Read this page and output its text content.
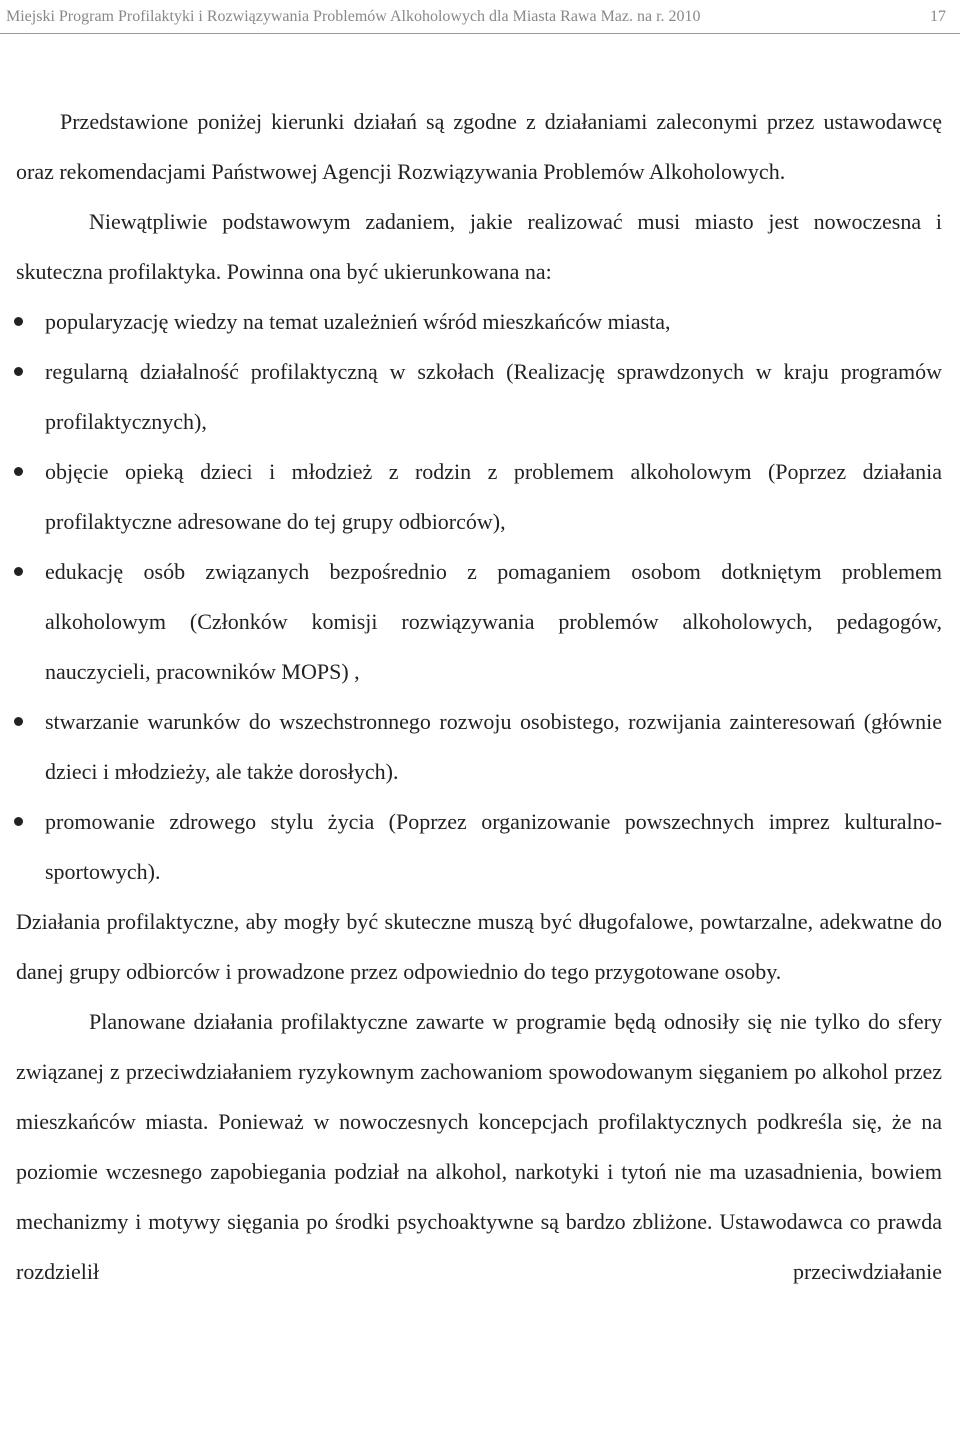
Miejski Program Profilaktyki i Rozwiązywania Problemów Alkoholowych dla Miasta Rawa Maz. na r. 2010	17

Przedstawione poniżej kierunki działań są zgodne z działaniami zaleconymi przez ustawodawcę oraz rekomendacjami Państwowej Agencji Rozwiązywania Problemów Alkoholowych.

Niewątpliwie podstawowym zadaniem, jakie realizować musi miasto jest nowoczesna i skuteczna profilaktyka. Powinna ona być ukierunkowana na:

popularyzację wiedzy na temat uzależnień wśród mieszkańców miasta,
regularną działalność profilaktyczną w szkołach (Realizację sprawdzonych w kraju programów profilaktycznych),
objęcie opieką dzieci i młodzież z rodzin z problemem alkoholowym (Poprzez działania profilaktyczne adresowane do tej grupy odbiorców),
edukację osób związanych bezpośrednio z pomaganiem osobom dotkniętym problemem alkoholowym (Członków komisji rozwiązywania problemów alkoholowych, pedagogów, nauczycieli, pracowników MOPS) ,
stwarzanie warunków do wszechstronnego rozwoju osobistego, rozwijania zainteresowań (głównie dzieci i młodzieży, ale także dorosłych).
promowanie zdrowego stylu życia (Poprzez organizowanie powszechnych imprez kulturalno-sportowych).

Działania profilaktyczne, aby mogły być skuteczne muszą być długofalowe, powtarzalne, adekwatne do danej grupy odbiorców i prowadzone przez odpowiednio do tego przygotowane osoby.

Planowane działania profilaktyczne zawarte w programie będą odnosiły się nie tylko do sfery związanej z przeciwdziałaniem ryzykownym zachowaniom spowodowanym sięganiem po alkohol przez mieszkańców miasta. Ponieważ w nowoczesnych koncepcjach profilaktycznych podkreśla się, że na poziomie wczesnego zapobiegania podział na alkohol, narkotyki i tytoń nie ma uzasadnienia, bowiem mechanizmy i motywy sięgania po środki psychoaktywne są bardzo zbliżone. Ustawodawca co prawda rozdzielił przeciwdziałanie
